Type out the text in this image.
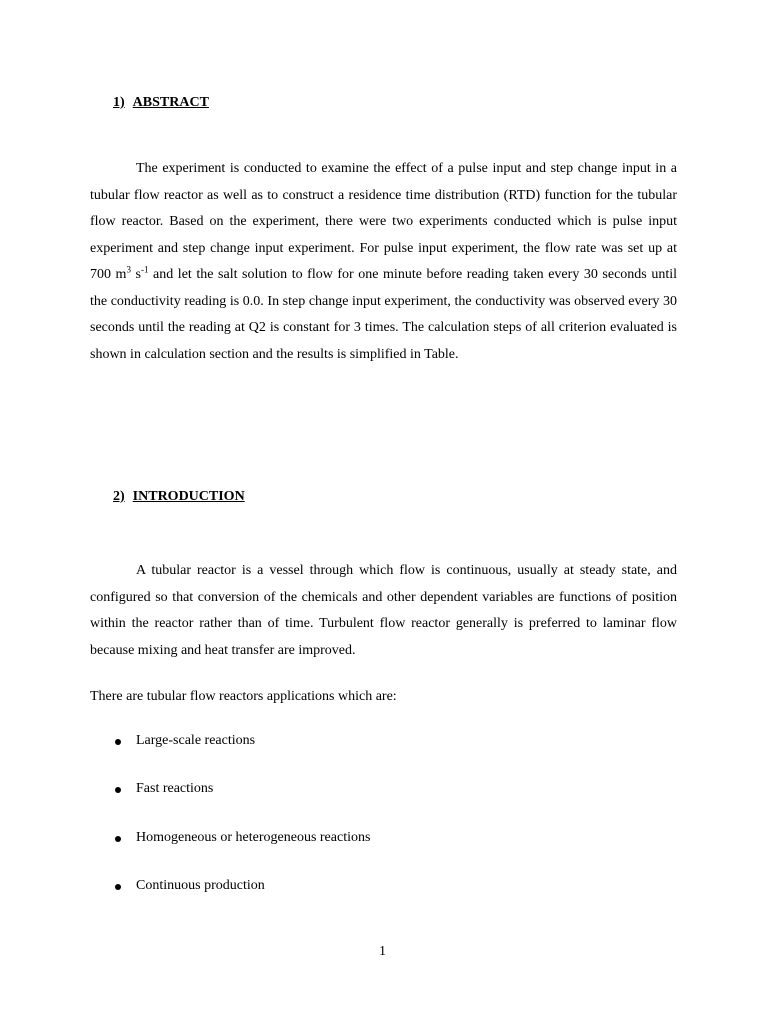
1) ABSTRACT

The experiment is conducted to examine the effect of a pulse input and step change input in a tubular flow reactor as well as to construct a residence time distribution (RTD) function for the tubular flow reactor. Based on the experiment, there were two experiments conducted which is pulse input experiment and step change input experiment. For pulse input experiment, the flow rate was set up at 700 $m^3$ $s^{-1}$ and let the salt solution to flow for one minute before reading taken every 30 seconds until the conductivity reading is 0.0. In step change input experiment, the conductivity was observed every 30 seconds until the reading at Q2 is constant for 3 times. The calculation steps of all criterion evaluated is shown in calculation section and the results is simplified in Table.

2) INTRODUCTION

A tubular reactor is a vessel through which flow is continuous, usually at steady state, and configured so that conversion of the chemicals and other dependent variables are functions of position within the reactor rather than of time. Turbulent flow reactor generally is preferred to laminar flow because mixing and heat transfer are improved.

There are tubular flow reactors applications which are:

Large-scale reactions
Fast reactions
Homogeneous or heterogeneous reactions
Continuous production
1
